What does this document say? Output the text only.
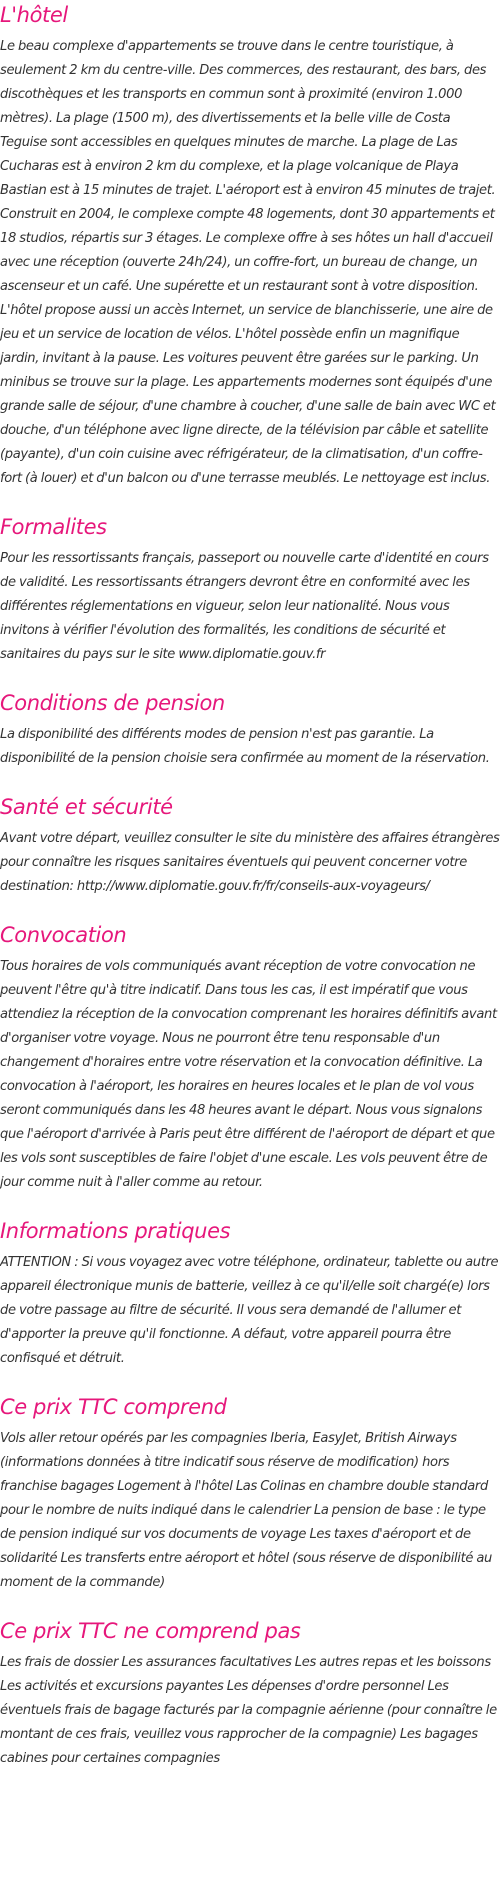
L'hôtel

Le beau complexe d'appartements se trouve dans le centre touristique, à seulement 2 km du centre-ville. Des commerces, des restaurant, des bars, des discothèques et les transports en commun sont à proximité (environ 1.000 mètres). La plage (1500 m), des divertissements et la belle ville de Costa Teguise sont accessibles en quelques minutes de marche. La plage de Las Cucharas est à environ 2 km du complexe, et la plage volcanique de Playa Bastian est à 15 minutes de trajet. L'aéroport est à environ 45 minutes de trajet. Construit en 2004, le complexe compte 48 logements, dont 30 appartements et 18 studios, répartis sur 3 étages. Le complexe offre à ses hôtes un hall d'accueil avec une réception (ouverte 24h/24), un coffre-fort, un bureau de change, un ascenseur et un café. Une supérette et un restaurant sont à votre disposition. L'hôtel propose aussi un accès Internet, un service de blanchisserie, une aire de jeu et un service de location de vélos. L'hôtel possède enfin un magnifique jardin, invitant à la pause. Les voitures peuvent être garées sur le parking. Un minibus se trouve sur la plage. Les appartements modernes sont équipés d'une grande salle de séjour, d'une chambre à coucher, d'une salle de bain avec WC et douche, d'un téléphone avec ligne directe, de la télévision par câble et satellite (payante), d'un coin cuisine avec réfrigérateur, de la climatisation, d'un coffre-fort (à louer) et d'un balcon ou d'une terrasse meublés. Le nettoyage est inclus.

Formalites

Pour les ressortissants français, passeport ou nouvelle carte d'identité en cours de validité. Les ressortissants étrangers devront être en conformité avec les différentes réglementations en vigueur, selon leur nationalité. Nous vous invitons à vérifier l'évolution des formalités, les conditions de sécurité et sanitaires du pays sur le site www.diplomatie.gouv.fr

Conditions de pension

La disponibilité des différents modes de pension n'est pas garantie. La disponibilité de la pension choisie sera confirmée au moment de la réservation.

Santé et sécurité

Avant votre départ, veuillez consulter le site du ministère des affaires étrangères pour connaître les risques sanitaires éventuels qui peuvent concerner votre destination: http://www.diplomatie.gouv.fr/fr/conseils-aux-voyageurs/

Convocation

Tous horaires de vols communiqués avant réception de votre convocation ne peuvent l'être qu'à titre indicatif. Dans tous les cas, il est impératif que vous attendiez la réception de la convocation comprenant les horaires définitifs avant d'organiser votre voyage. Nous ne pourront être tenu responsable d'un changement d'horaires entre votre réservation et la convocation définitive. La convocation à l'aéroport, les horaires en heures locales et le plan de vol vous seront communiqués dans les 48 heures avant le départ. Nous vous signalons que l'aéroport d'arrivée à Paris peut être différent de l'aéroport de départ et que les vols sont susceptibles de faire l'objet d'une escale. Les vols peuvent être de jour comme nuit à l'aller comme au retour.

Informations pratiques

ATTENTION : Si vous voyagez avec votre téléphone, ordinateur, tablette ou autre appareil électronique munis de batterie, veillez à ce qu'il/elle soit chargé(e) lors de votre passage au filtre de sécurité. Il vous sera demandé de l'allumer et d'apporter la preuve qu'il fonctionne. A défaut, votre appareil pourra être confisqué et détruit.

Ce prix TTC comprend

Vols aller retour opérés par les compagnies Iberia, EasyJet, British Airways (informations données à titre indicatif sous réserve de modification) hors franchise bagages Logement à l'hôtel Las Colinas en chambre double standard pour le nombre de nuits indiqué dans le calendrier La pension de base : le type de pension indiqué sur vos documents de voyage Les taxes d'aéroport et de solidarité Les transferts entre aéroport et hôtel (sous réserve de disponibilité au moment de la commande)

Ce prix TTC ne comprend pas

Les frais de dossier Les assurances facultatives Les autres repas et les boissons Les activités et excursions payantes Les dépenses d'ordre personnel Les éventuels frais de bagage facturés par la compagnie aérienne (pour connaître le montant de ces frais, veuillez vous rapprocher de la compagnie) Les bagages cabines pour certaines compagnies
